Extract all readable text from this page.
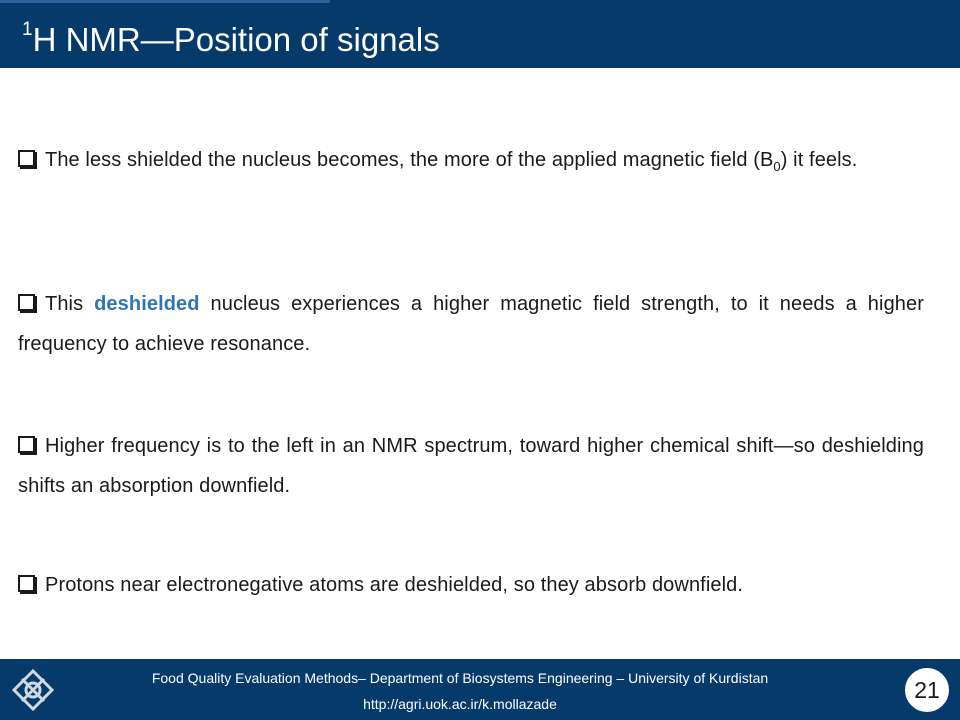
$^1$H NMR—Position of signals
The less shielded the nucleus becomes, the more of the applied magnetic field $(B_0)$ it feels.
This deshielded nucleus experiences a higher magnetic field strength, to it needs a higher frequency to achieve resonance.
Higher frequency is to the left in an NMR spectrum, toward higher chemical shift—so deshielding shifts an absorption downfield.
Protons near electronegative atoms are deshielded, so they absorb downfield.
Food Quality Evaluation Methods– Department of Biosystems Engineering – University of Kurdistan
http://agri.uok.ac.ir/k.mollazade
21
